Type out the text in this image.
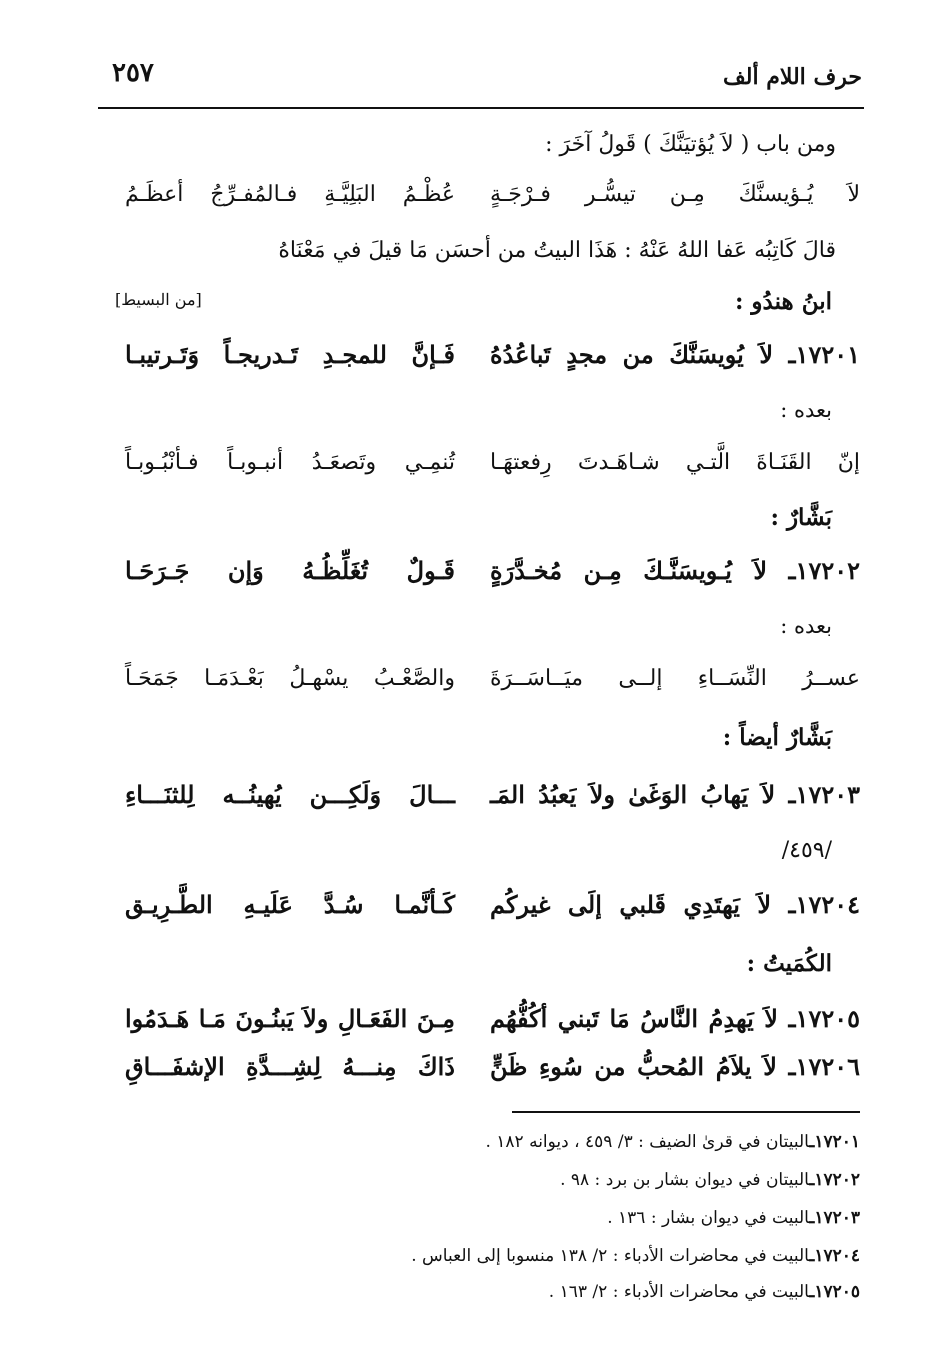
٢٥٧	حرف اللام ألف
ومن باب ( لاَ يُؤتيَنَّكَ ) قَولُ آخَرَ :
لاَ يُـؤيسنَّكَ مِـن تيسُّـر فـرْجَـةٍ
عُظْـمُ البَلِيَّـةِ فـالمُفـرِّجُ أعظَـمُ
قالَ كَاتِبُه عَفا اللهُ عَنْهُ : هَذَا البيتُ من أحسَن مَا قيلَ في مَعْنَاهُ
[من البسيط]	ابنُ هندُو :
١٧٢٠١ـ لاَ يُويسَنَّكَ من مجدٍ تَباعُدُهُ
فَـإنَّ للمجـدِ تَـدريجـاً وَتَـرتيبـا
بعده :
إنّ القَنَـاةَ الَّتـي شـاهَـدتَ رِفعتهَـا
تُنمِـي وتَصعَـدُ أنبـوبـاً فـأنْبُـوبـاً
بَشَّارٌ :
١٧٢٠٢ـ لاَ يُـويسَنَّـكَ مِـن مُخـدَّرَةٍ
قَـولٌ تُغَلِّظُـهُ وَإن جَـرَحَـا
بعده :
عســرُ النِّسَــاءِ إلــى ميَــاسَــرَةَ
والصَّعْـبُ يسْهـلُ بَعْـدَمَـا جَمَحَـاً
بَشَّارٌ أيضاً :
١٧٢٠٣ـ لاَ يَهابُ الوَغَىٰ ولاَ يَعبُدُ المَـ
ـــالَ وَلَكِـــن يُهينُــه لِلثنَـــاءِ
/٤٥٩/
١٧٢٠٤ـ لاَ يَهتَدِي قَلبي إلَى غيركُم
كَـأنَّمـا سُـدَّ عَلَيـهِ الطَّـرِيـق
الكُمَيتُ :
١٧٢٠٥ـ لاَ يَهدِمُ النَّاسُ مَا تَبني أكُفُّهُم
مِـنَ الفَعَـالِ ولاَ يَبنُـونَ مَـا هَـدَمُوا
١٧٢٠٦ـ لاَ يلاَمُ المُحبُّ من سُوءِ ظَنٍّ
ذَاكَ مِنـــهُ لِشِـــدَّةِ الإشفَـــاقِ
١٧٢٠١ـالبيتان في قرىٰ الضيف : ٣/ ٤٥٩ ، ديوانه ١٨٢ .
١٧٢٠٢ـالبيتان في ديوان بشار بن برد : ٩٨ .
١٧٢٠٣ـالبيت في ديوان بشار : ١٣٦ .
١٧٢٠٤ـالبيت في محاضرات الأدباء : ٢/ ١٣٨ منسوبا إلى العباس .
١٧٢٠٥ـالبيت في محاضرات الأدباء : ٢/ ١٦٣ .
